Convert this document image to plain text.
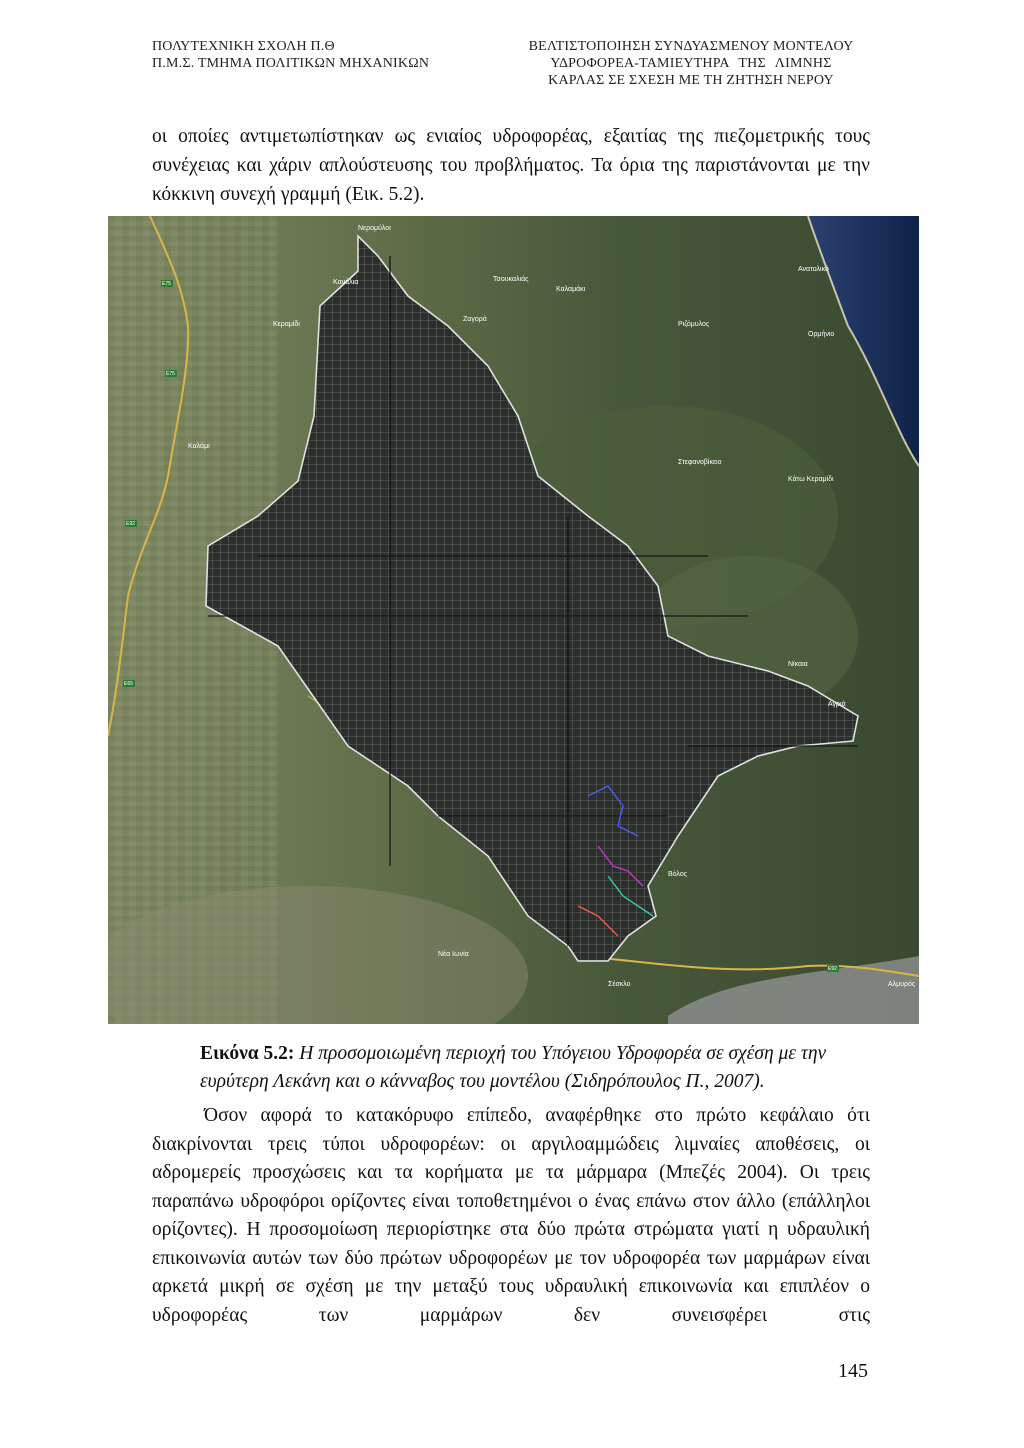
ΠΟΛΥΤΕΧΝΙΚΗ ΣΧΟΛΗ Π.Θ
Π.Μ.Σ. ΤΜΗΜΑ ΠΟΛΙΤΙΚΩΝ ΜΗΧΑΝΙΚΩΝ
ΒΕΛΤΙΣΤΟΠΟΙΗΣΗ ΣΥΝΔΥΑΣΜΕΝΟΥ ΜΟΝΤΕΛΟΥ
ΥΔΡΟΦΟΡΕΑ-ΤΑΜΙΕΥΤΗΡΑ ΤΗΣ ΛΙΜΝΗΣ
ΚΑΡΛΑΣ ΣΕ ΣΧΕΣΗ ΜΕ ΤΗ ΖΗΤΗΣΗ ΝΕΡΟΥ
οι οποίες αντιμετωπίστηκαν ως ενιαίος υδροφορέας, εξαιτίας της πιεζομετρικής τους συνέχειας και χάριν απλούστευσης του προβλήματος. Τα όρια της παριστάνονται με την κόκκινη συνεχή γραμμή (Εικ. 5.2).
Νερομύλοι
Ανατολικό
Τσουκαλιάς
Καλαμάκι
Ζαγορά
Κεραμίδι
Καλάμι
Κανάλια
Ριζόμυλος
Ορμήνιο
Κάτω Κεραμίδι
Στεφανοβίκειο
Νίκαια
Αγριά
Βόλος
Νέα Ιωνία
Σέσκλο	Αλμυρός
E75
E75
E92
E65
E92
Εικόνα 5.2: Η προσομοιωμένη περιοχή του Υπόγειου Υδροφορέα σε σχέση με την ευρύτερη Λεκάνη και ο κάνναβος του μοντέλου (Σιδηρόπουλος Π., 2007).
Όσον αφορά το κατακόρυφο επίπεδο, αναφέρθηκε στο πρώτο κεφάλαιο ότι διακρίνονται τρεις τύποι υδροφορέων: οι αργιλοαμμώδεις λιμναίες αποθέσεις, οι αδρομερείς προσχώσεις και τα κορήματα με τα μάρμαρα (Μπεζές 2004). Οι τρεις παραπάνω υδροφόροι ορίζοντες είναι τοποθετημένοι ο ένας επάνω στον άλλο (επάλληλοι ορίζοντες). Η προσομοίωση περιορίστηκε στα δύο πρώτα στρώματα γιατί η υδραυλική επικοινωνία αυτών των δύο πρώτων υδροφορέων με τον υδροφορέα των μαρμάρων είναι αρκετά μικρή σε σχέση με την μεταξύ τους υδραυλική επικοινωνία και επιπλέον ο υδροφορέας των μαρμάρων δεν συνεισφέρει στις
145
